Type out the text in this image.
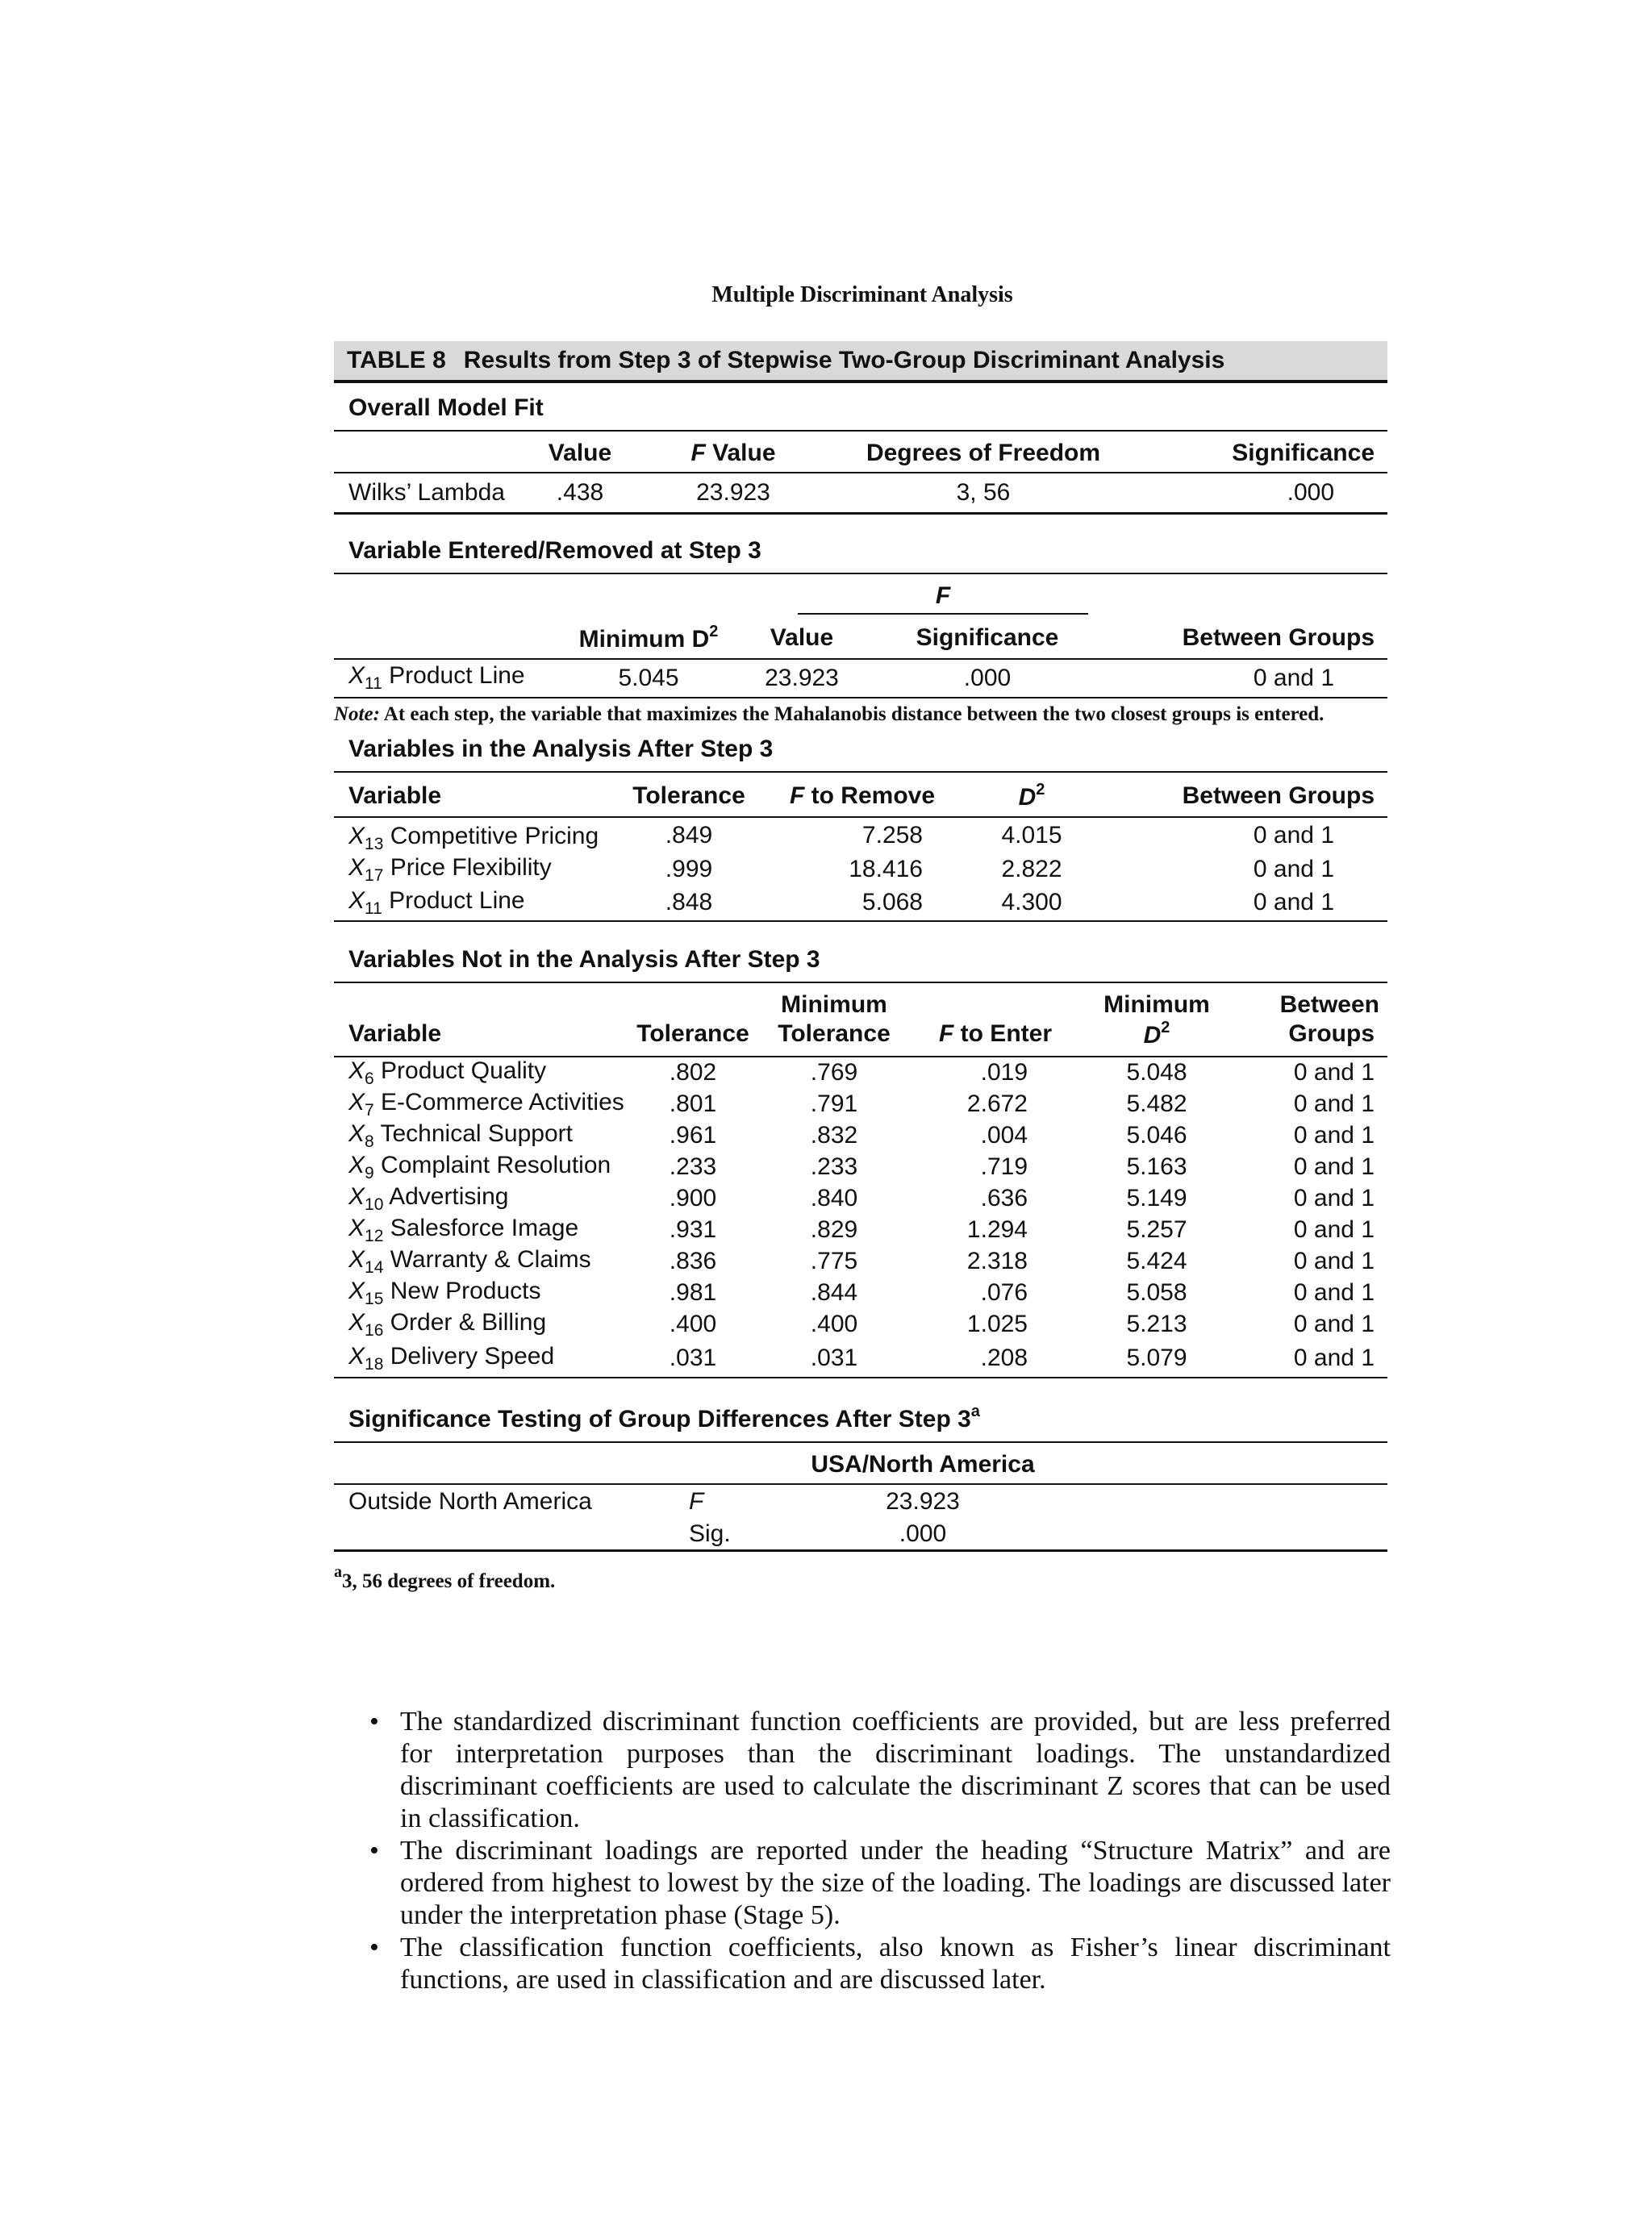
Multiple Discriminant Analysis
TABLE 8 Results from Step 3 of Stepwise Two-Group Discriminant Analysis
Overall Model Fit
	Value	F Value	Degrees of Freedom	Significance
Wilks’ Lambda	.438	23.923	3, 56	.000
Variable Entered/Removed at Step 3

		F		

	Minimum $D^2$	Value	Significance	Between Groups
$X_{11}$ Product Line	5.045	23.923	.000	0 and 1
Note: At each step, the variable that maximizes the Mahalanobis distance between the two closest groups is entered.
Variables in the Analysis After Step 3
Variable	Tolerance	F to Remove	$D^2$	Between Groups
$X_{13}$ Competitive Pricing	.849	7.258	4.015	0 and 1
$X_{17}$ Price Flexibility	.999	18.416	2.822	0 and 1
$X_{11}$ Product Line	.848	5.068	4.300	0 and 1
Variables Not in the Analysis After Step 3
		Minimum		Minimum	Between
Variable	Tolerance	Tolerance	F to Enter	$D^2$	Groups
$X_6$ Product Quality	.802	.769	.019	5.048	0 and 1
$X_7$ E-Commerce Activities	.801	.791	2.672	5.482	0 and 1
$X_8$ Technical Support	.961	.832	.004	5.046	0 and 1
$X_9$ Complaint Resolution	.233	.233	.719	5.163	0 and 1
$X_{10}$ Advertising	.900	.840	.636	5.149	0 and 1
$X_{12}$ Salesforce Image	.931	.829	1.294	5.257	0 and 1
$X_{14}$ Warranty & Claims	.836	.775	2.318	5.424	0 and 1
$X_{15}$ New Products	.981	.844	.076	5.058	0 and 1
$X_{16}$ Order & Billing	.400	.400	1.025	5.213	0 and 1
$X_{18}$ Delivery Speed	.031	.031	.208	5.079	0 and 1
Significance Testing of Group Differences After Step 3$^a$
		USA/North America	
Outside North America	F	23.923	
	Sig.	.000	
$^a$3, 56 degrees of freedom.
• The standardized discriminant function coefficients are provided, but are less preferred for interpretation purposes than the discriminant loadings. The unstandardized discriminant coefficients are used to calculate the discriminant Z scores that can be used in classification.
• The discriminant loadings are reported under the heading “Structure Matrix” and are ordered from highest to lowest by the size of the loading. The loadings are discussed later under the interpretation phase (Stage 5).
• The classification function coefficients, also known as Fisher’s linear discriminant functions, are used in classification and are discussed later.
